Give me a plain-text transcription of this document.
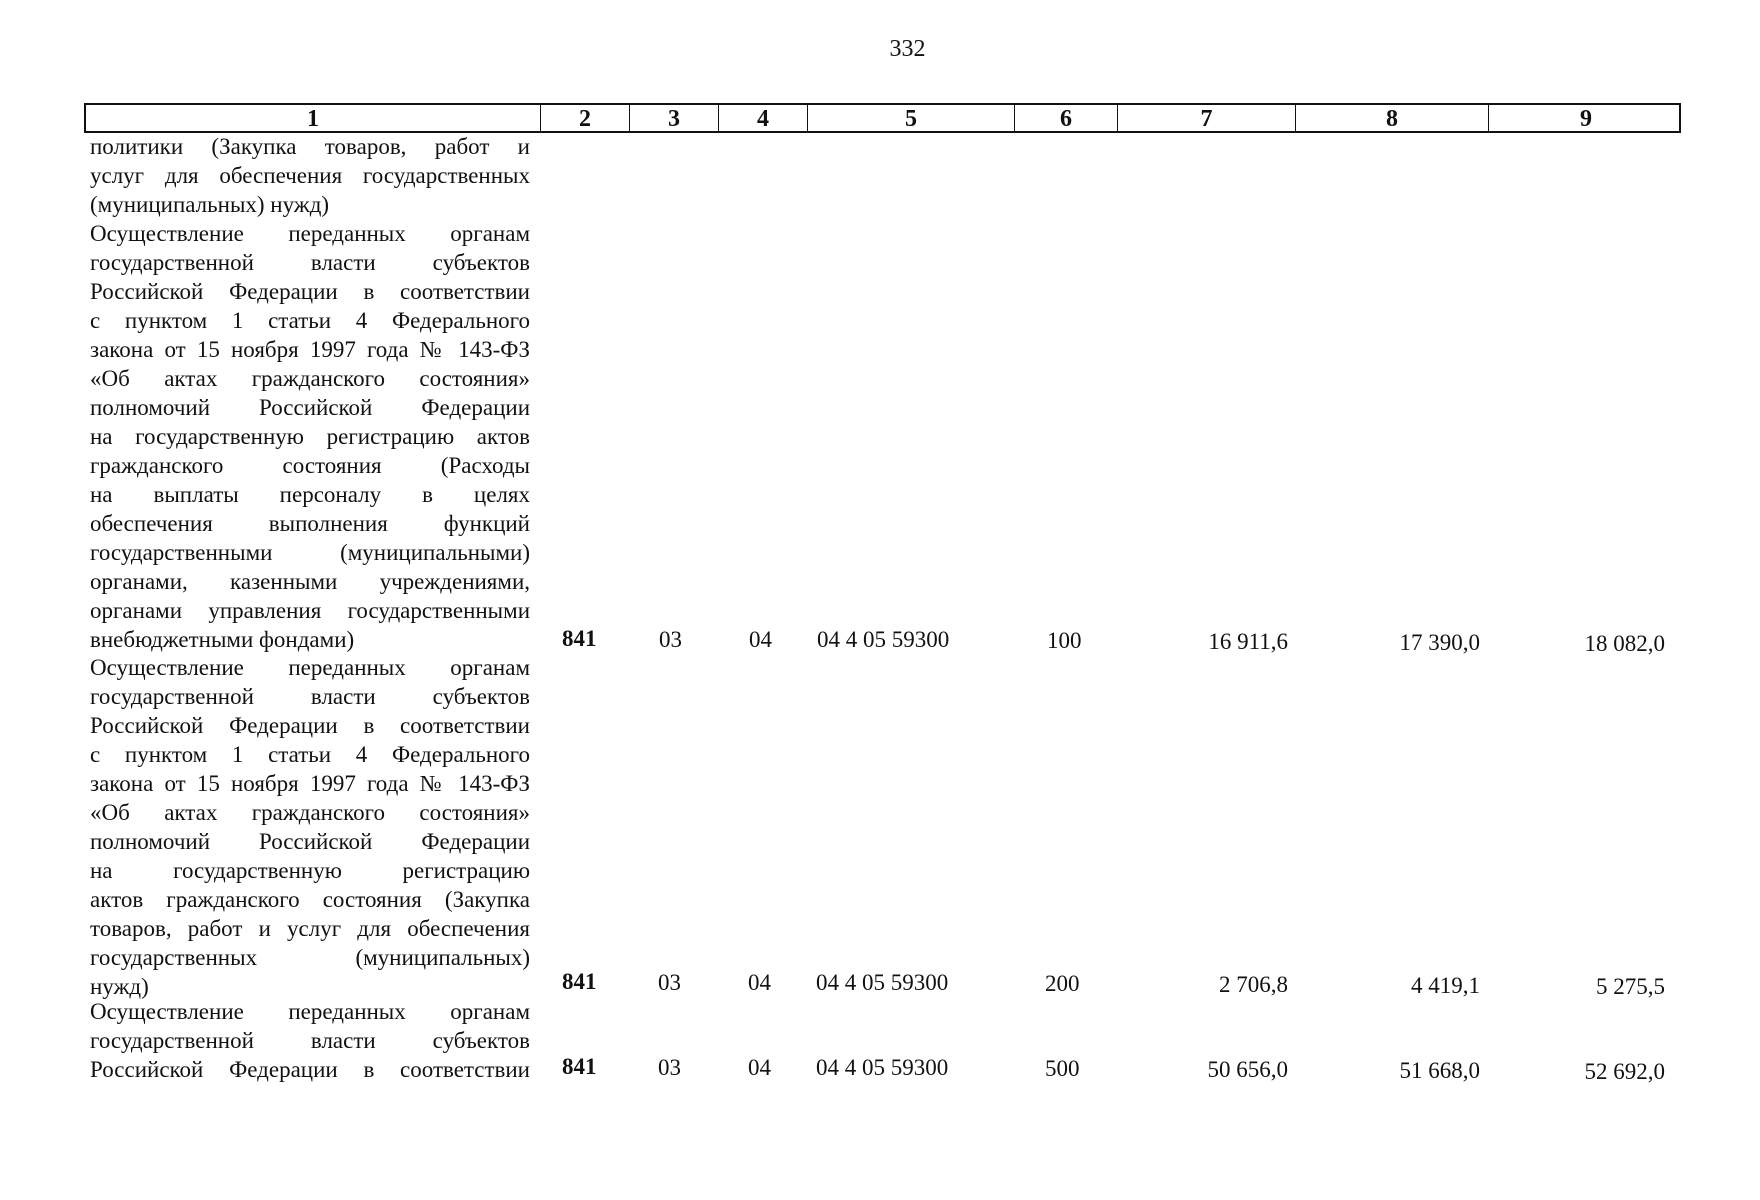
332
1	2	3	4	5	6	7	8	9
политики (Закупка товаров, работ и
услуг для обеспечения государственных
(муниципальных) нужд)
Осуществление переданных органам
государственной власти субъектов
Российской Федерации в соответствии
с пунктом 1 статьи 4 Федерального
закона от 15 ноября 1997 года № 143-ФЗ
«Об актах гражданского состояния»
полномочий Российской Федерации
на государственную регистрацию актов
гражданского состояния (Расходы
на выплаты персоналу в целях
обеспечения выполнения функций
государственными (муниципальными)
органами, казенными учреждениями,
органами управления государственными
внебюджетными фондами)	841	03	04 04 4 05 59300	100	16 911,6	17 390,0	18 082,0
Осуществление переданных органам
государственной власти субъектов
Российской Федерации в соответствии
с пунктом 1 статьи 4 Федерального
закона от 15 ноября 1997 года № 143-ФЗ
«Об актах гражданского состояния»
полномочий Российской Федерации
на государственную регистрацию
актов гражданского состояния (Закупка
товаров, работ и услуг для обеспечения
государственных (муниципальных)
нужд)	841	03	04 04 4 05 59300	200	2 706,8	4 419,1	5 275,5
Осуществление переданных органам
государственной власти субъектов
Российской Федерации в соответствии 841	03	04 04 4 05 59300	500	50 656,0	51 668,0	52 692,0
